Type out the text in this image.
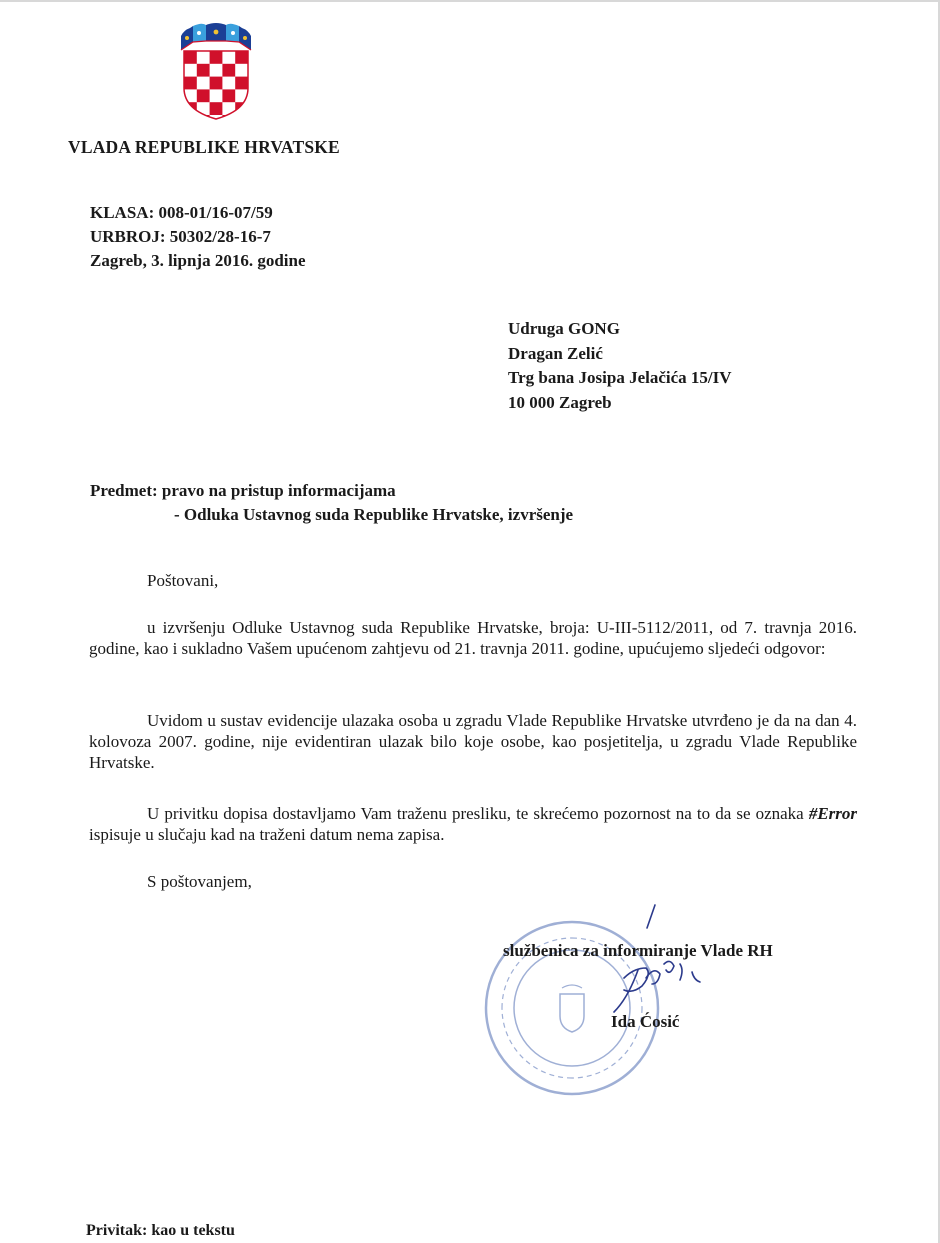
VLADA REPUBLIKE HRVATSKE
KLASA: 008-01/16-07/59
URBROJ: 50302/28-16-7
Zagreb, 3. lipnja 2016. godine
Udruga GONG
Dragan Zelić
Trg bana Josipa Jelačića 15/IV
10 000 Zagreb
Predmet: pravo na pristup informacijama
- Odluka Ustavnog suda Republike Hrvatske, izvršenje
Poštovani,
u izvršenju Odluke Ustavnog suda Republike Hrvatske, broja: U-III-5112/2011, od 7. travnja 2016. godine, kao i sukladno Vašem upućenom zahtjevu od 21. travnja 2011. godine, upućujemo sljedeći odgovor:
Uvidom u sustav evidencije ulazaka osoba u zgradu Vlade Republike Hrvatske utvrđeno je da na dan 4. kolovoza 2007. godine, nije evidentiran ulazak bilo koje osobe, kao posjetitelja, u zgradu Vlade Republike Hrvatske.
U privitku dopisa dostavljamo Vam traženu presliku, te skrećemo pozornost na to da se oznaka #Error ispisuje u slučaju kad na traženi datum nema zapisa.
S poštovanjem,
službenica za informiranje Vlade RH
Ida Ćosić
Privitak: kao u tekstu
